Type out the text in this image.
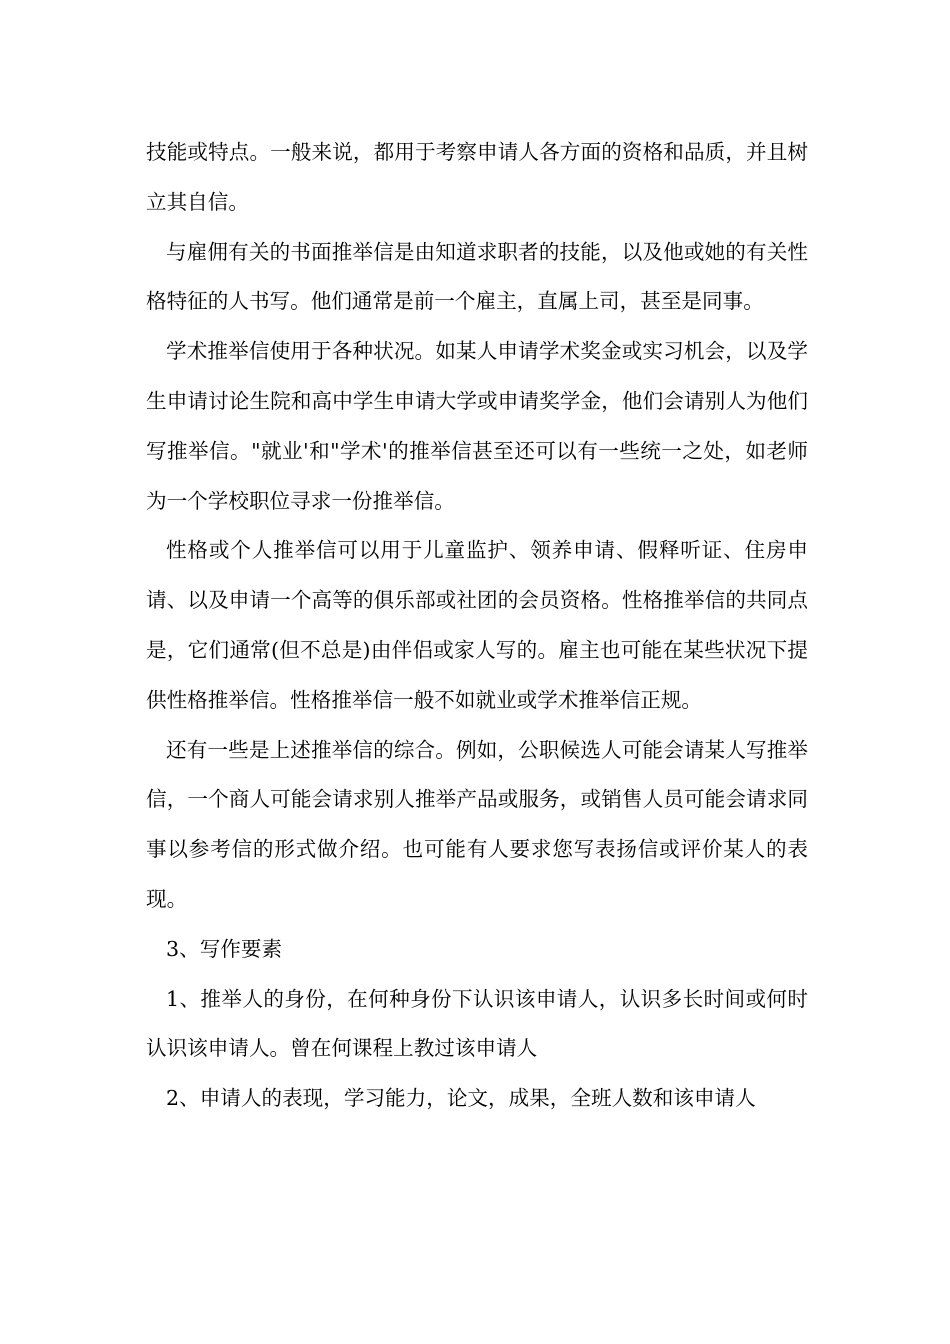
技能或特点。一般来说，都用于考察申请人各方面的资格和品质，并且树立其自信。

与雇佣有关的书面推举信是由知道求职者的技能，以及他或她的有关性格特征的人书写。他们通常是前一个雇主，直属上司，甚至是同事。

学术推举信使用于各种状况。如某人申请学术奖金或实习机会，以及学生申请讨论生院和高中学生申请大学或申请奖学金，他们会请别人为他们写推举信。"就业'和"学术'的推举信甚至还可以有一些统一之处，如老师为一个学校职位寻求一份推举信。

性格或个人推举信可以用于儿童监护、领养申请、假释听证、住房申请、以及申请一个高等的俱乐部或社团的会员资格。性格推举信的共同点是，它们通常(但不总是)由伴侣或家人写的。雇主也可能在某些状况下提供性格推举信。性格推举信一般不如就业或学术推举信正规。

还有一些是上述推举信的综合。例如，公职候选人可能会请某人写推举信，一个商人可能会请求别人推举产品或服务，或销售人员可能会请求同事以参考信的形式做介绍。也可能有人要求您写表扬信或评价某人的表现。

3、写作要素

1、推举人的身份，在何种身份下认识该申请人，认识多长时间或何时认识该申请人。曾在何课程上教过该申请人

2、申请人的表现，学习能力，论文，成果，全班人数和该申请人
